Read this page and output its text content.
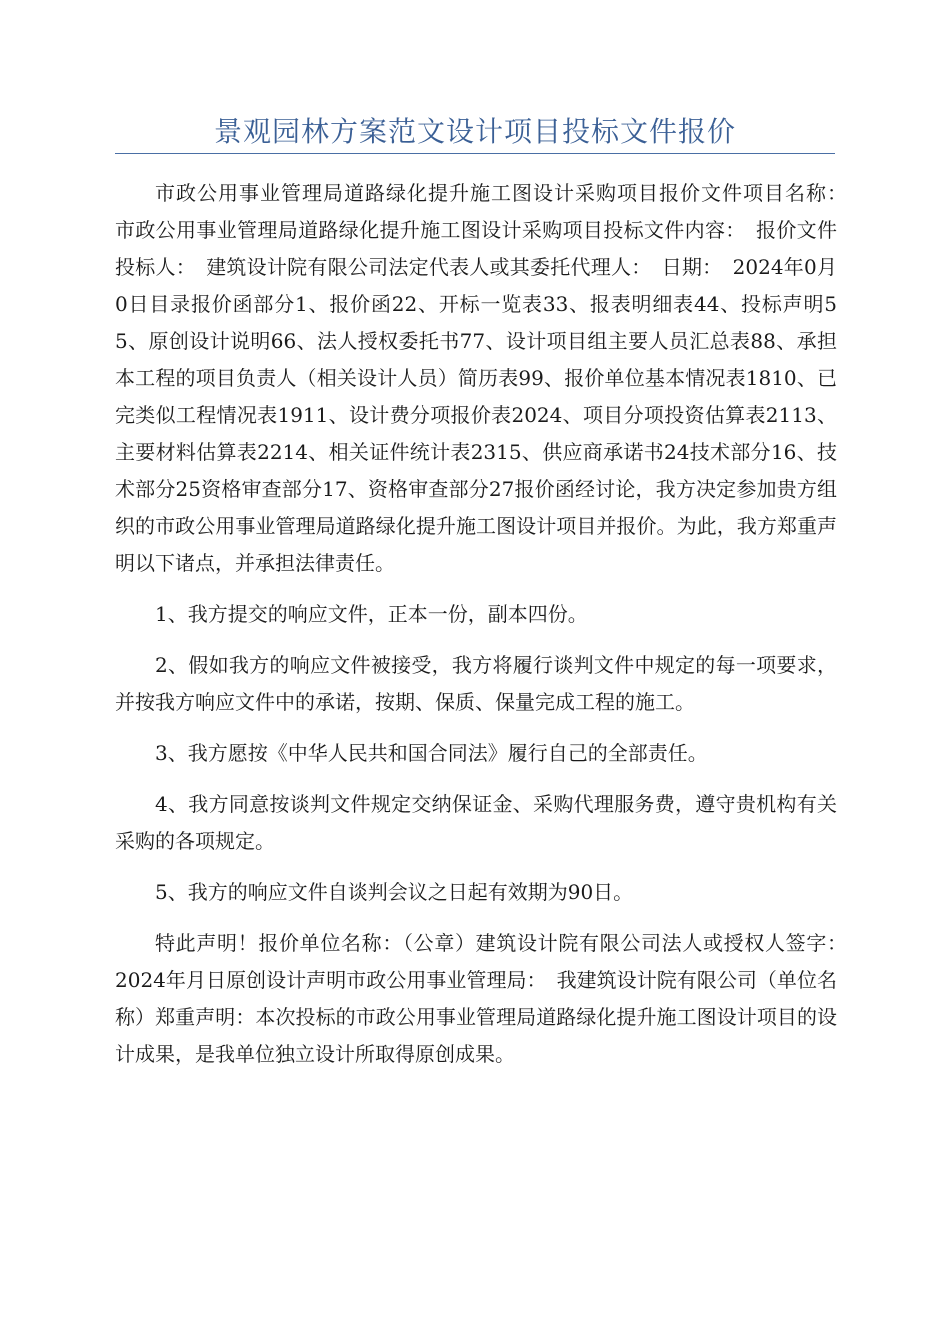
景观园林方案范文设计项目投标文件报价

市政公用事业管理局道路绿化提升施工图设计采购项目报价文件项目名称：　市政公用事业管理局道路绿化提升施工图设计采购项目投标文件内容：　报价文件投标人：　建筑设计院有限公司法定代表人或其委托代理人：　日期：　2024年0月0日目录报价函部分1、报价函22、开标一览表33、报表明细表44、投标声明55、原创设计说明66、法人授权委托书77、设计项目组主要人员汇总表88、承担本工程的项目负责人（相关设计人员）简历表99、报价单位基本情况表1810、已完类似工程情况表1911、设计费分项报价表2024、项目分项投资估算表2113、主要材料估算表2214、相关证件统计表2315、供应商承诺书24技术部分16、技术部分25资格审查部分17、资格审查部分27报价函经讨论，我方决定参加贵方组织的市政公用事业管理局道路绿化提升施工图设计项目并报价。为此，我方郑重声明以下诸点，并承担法律责任。

1、我方提交的响应文件，正本一份，副本四份。

2、假如我方的响应文件被接受，我方将履行谈判文件中规定的每一项要求，并按我方响应文件中的承诺，按期、保质、保量完成工程的施工。

3、我方愿按《中华人民共和国合同法》履行自己的全部责任。

4、我方同意按谈判文件规定交纳保证金、采购代理服务费，遵守贵机构有关采购的各项规定。

5、我方的响应文件自谈判会议之日起有效期为90日。

特此声明！报价单位名称：（公章）建筑设计院有限公司法人或授权人签字：　2024年月日原创设计声明市政公用事业管理局：　我建筑设计院有限公司（单位名称）郑重声明：本次投标的市政公用事业管理局道路绿化提升施工图设计项目的设计成果，是我单位独立设计所取得原创成果。
